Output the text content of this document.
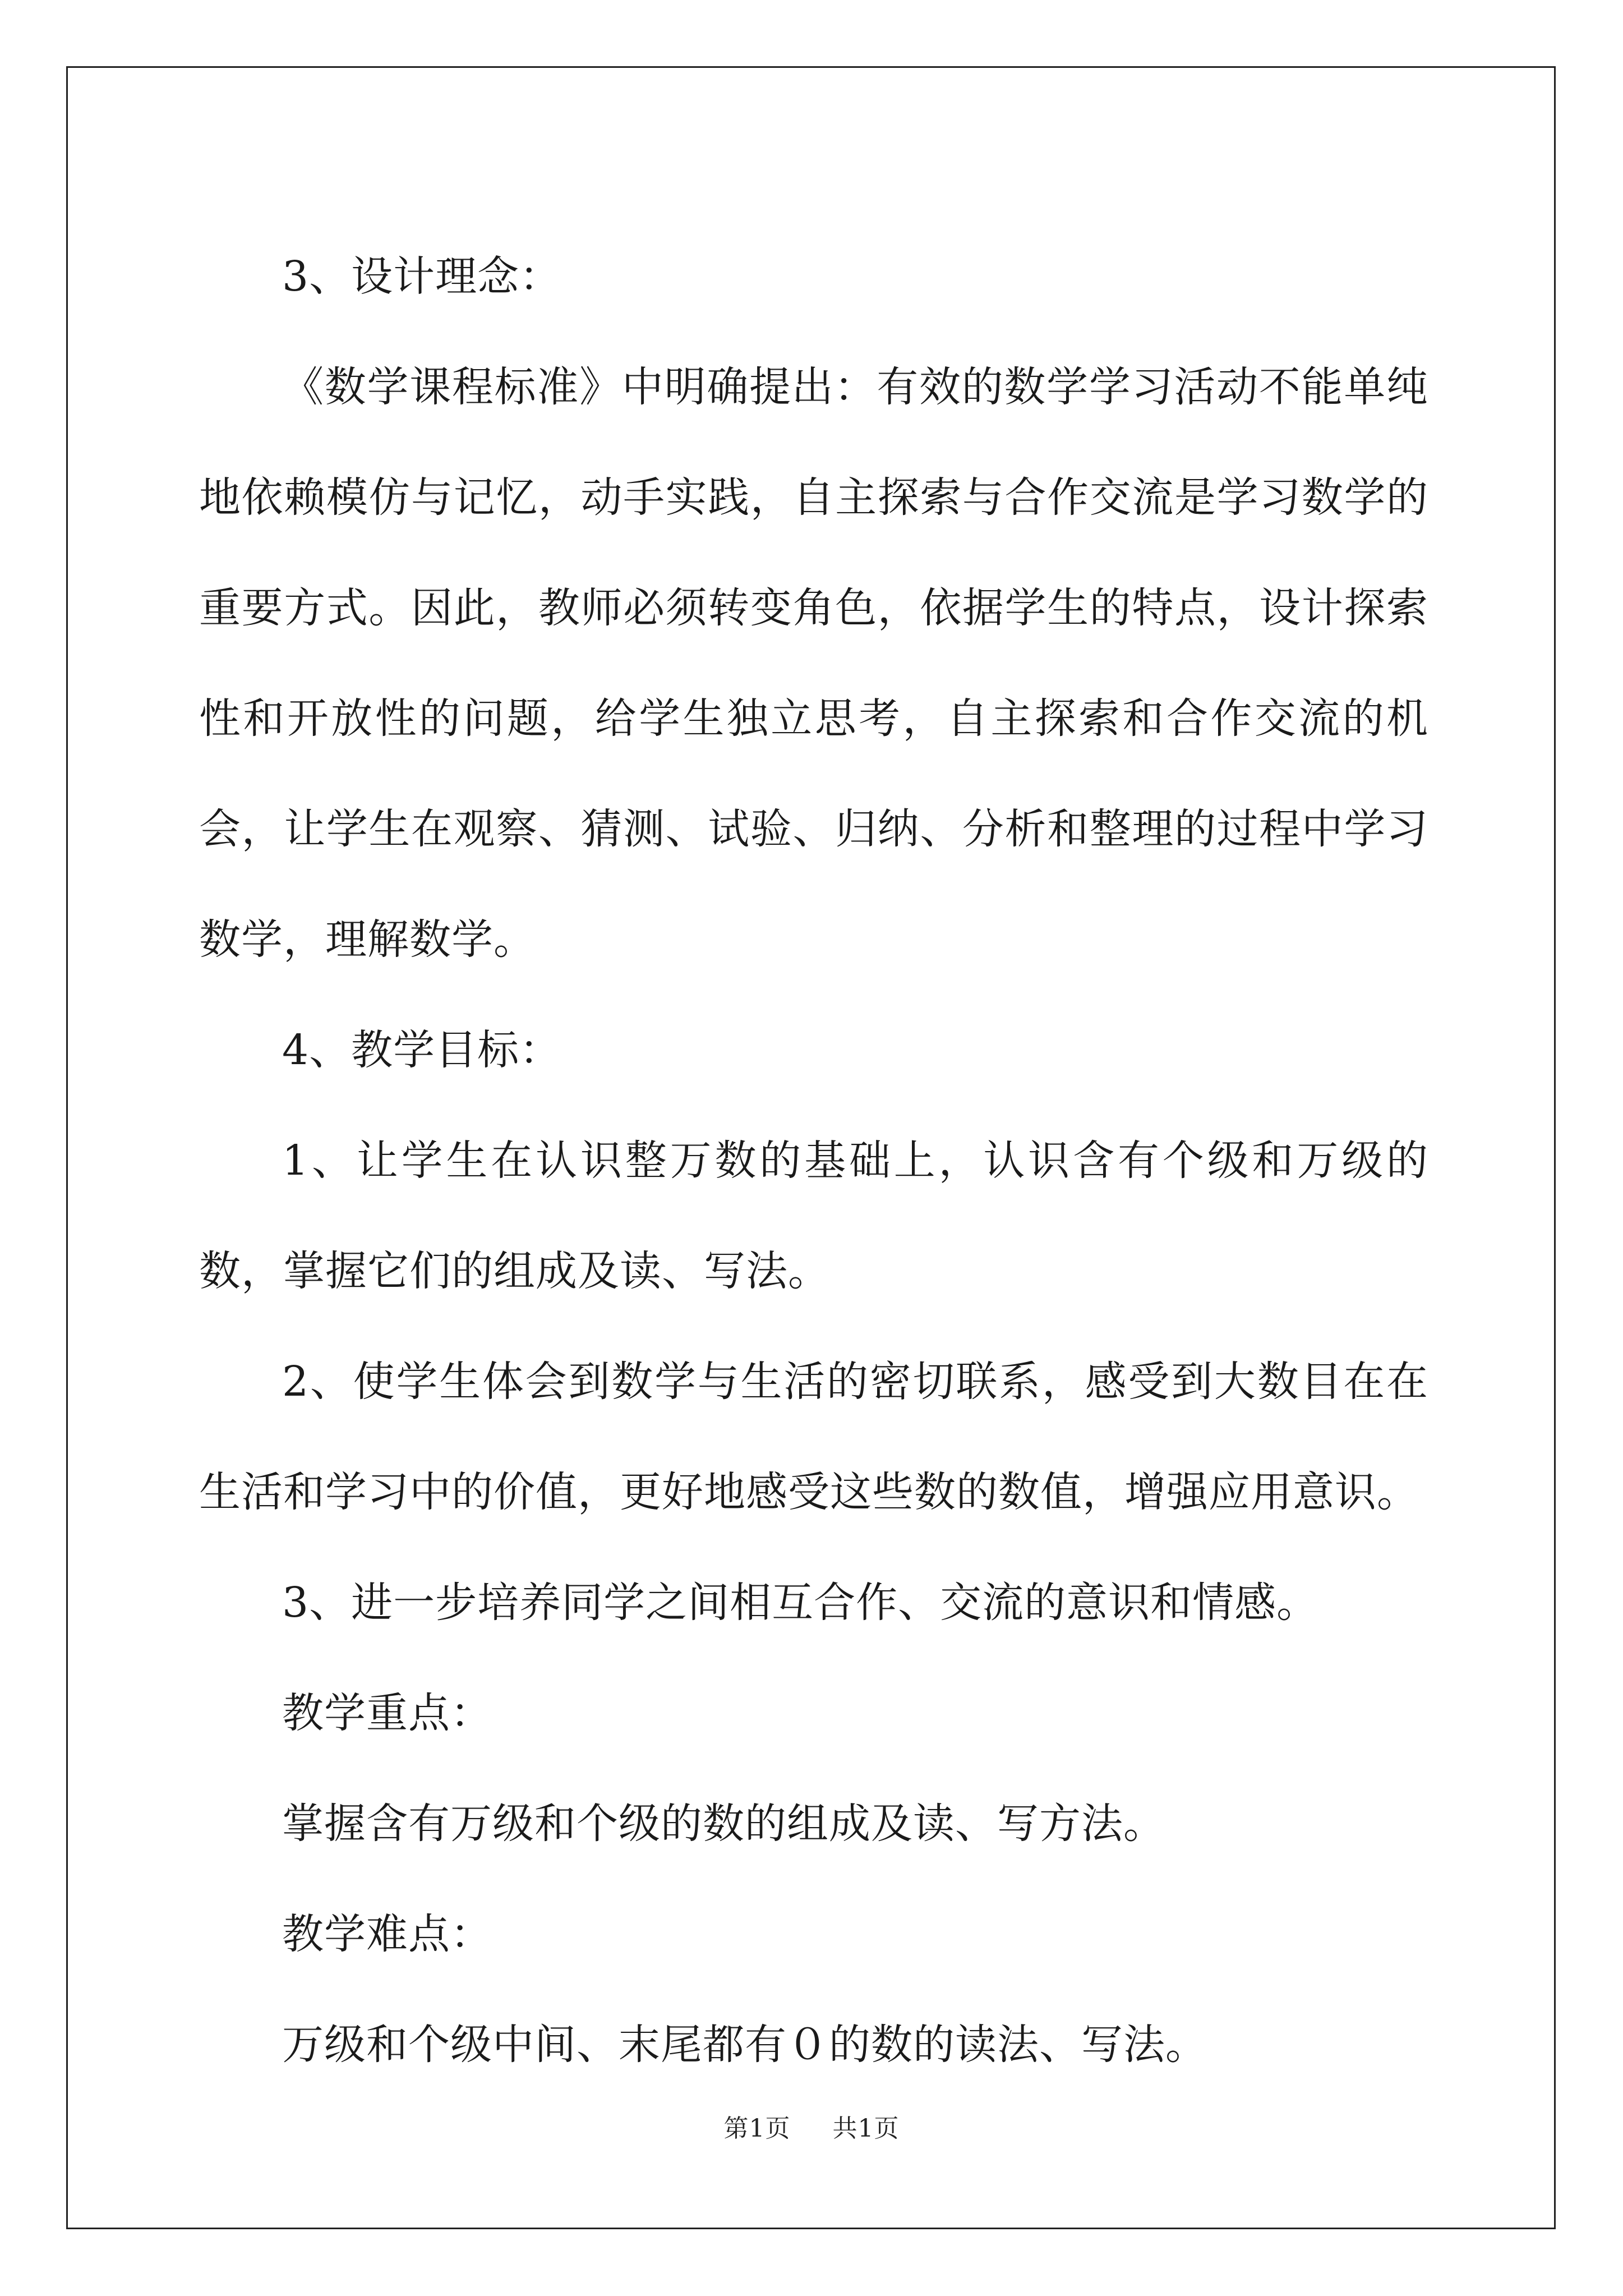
3、设计理念：

《数学课程标准》中明确提出：有效的数学学习活动不能单纯地依赖模仿与记忆，动手实践，自主探索与合作交流是学习数学的重要方式。因此，教师必须转变角色，依据学生的特点，设计探索性和开放性的问题，给学生独立思考，自主探索和合作交流的机会，让学生在观察、猜测、试验、归纳、分析和整理的过程中学习数学，理解数学。

4、教学目标：

1、让学生在认识整万数的基础上，认识含有个级和万级的数，掌握它们的组成及读、写法。

2、使学生体会到数学与生活的密切联系，感受到大数目在在生活和学习中的价值，更好地感受这些数的数值，增强应用意识。

3、进一步培养同学之间相互合作、交流的意识和情感。

教学重点：

掌握含有万级和个级的数的组成及读、写方法。

教学难点：

万级和个级中间、末尾都有０的数的读法、写法。

第1页 共1页
